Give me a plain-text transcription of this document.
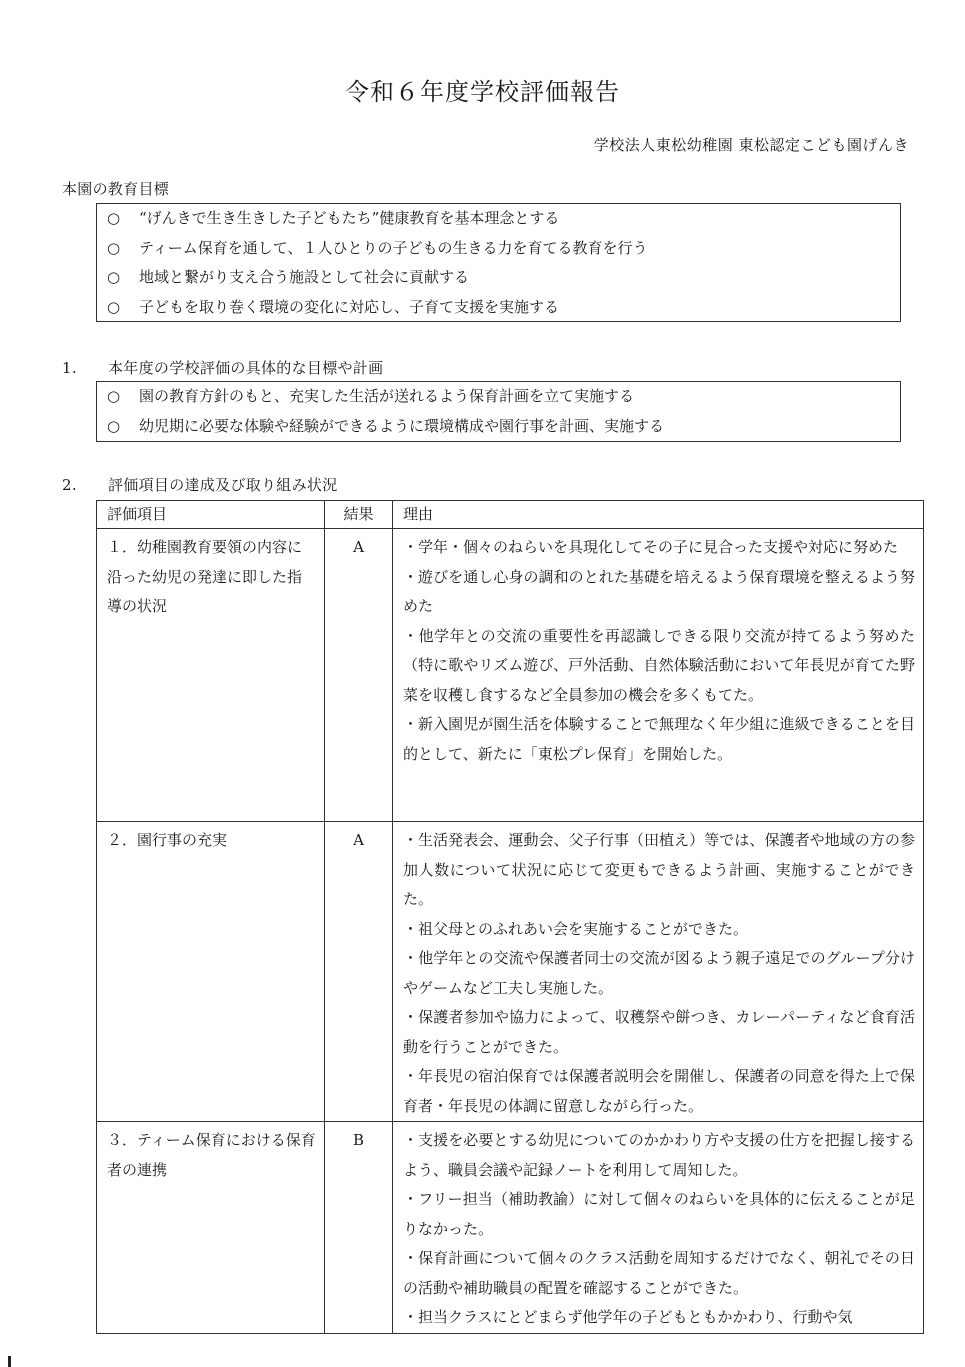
令和６年度学校評価報告
学校法人東松幼稚園 東松認定こども園げんき
本園の教育目標
○ “げんきで生き生きした子どもたち”健康教育を基本理念とする
○ ティーム保育を通して、１人ひとりの子どもの生きる力を育てる教育を行う
○ 地域と繋がり支え合う施設として社会に貢献する
○ 子どもを取り巻く環境の変化に対応し、子育て支援を実施する
1. 本年度の学校評価の具体的な目標や計画
○ 園の教育方針のもと、充実した生活が送れるよう保育計画を立て実施する
○ 幼児期に必要な体験や経験ができるように環境構成や園行事を計画、実施する
2. 評価項目の達成及び取り組み状況
評価項目	結果	理由
１．幼稚園教育要領の内容に沿った幼児の発達に即した指導の状況	A	・学年・個々のねらいを具現化してその子に見合った支援や対応に努めた

・遊びを通し心身の調和のとれた基礎を培えるよう保育環境を整えるよう努めた

・他学年との交流の重要性を再認識しできる限り交流が持てるよう努めた（特に歌やリズム遊び、戸外活動、自然体験活動において年長児が育てた野菜を収穫し食するなど全員参加の機会を多くもてた。

・新入園児が園生活を体験することで無理なく年少組に進級できることを目的として、新たに「東松プレ保育」を開始した。

２．園行事の充実	A	・生活発表会、運動会、父子行事（田植え）等では、保護者や地域の方の参加人数について状況に応じて変更もできるよう計画、実施することができた。

・祖父母とのふれあい会を実施することができた。

・他学年との交流や保護者同士の交流が図るよう親子遠足でのグループ分けやゲームなど工夫し実施した。

・保護者参加や協力によって、収穫祭や餅つき、カレーパーティなど食育活動を行うことができた。

・年長児の宿泊保育では保護者説明会を開催し、保護者の同意を得た上で保育者・年長児の体調に留意しながら行った。

３．ティーム保育における保育者の連携	B	・支援を必要とする幼児についてのかかわり方や支援の仕方を把握し接するよう、職員会議や記録ノートを利用して周知した。

・フリー担当（補助教諭）に対して個々のねらいを具体的に伝えることが足りなかった。

・保育計画について個々のクラス活動を周知するだけでなく、朝礼でその日の活動や補助職員の配置を確認することができた。

・担当クラスにとどまらず他学年の子どもともかかわり、行動や気
